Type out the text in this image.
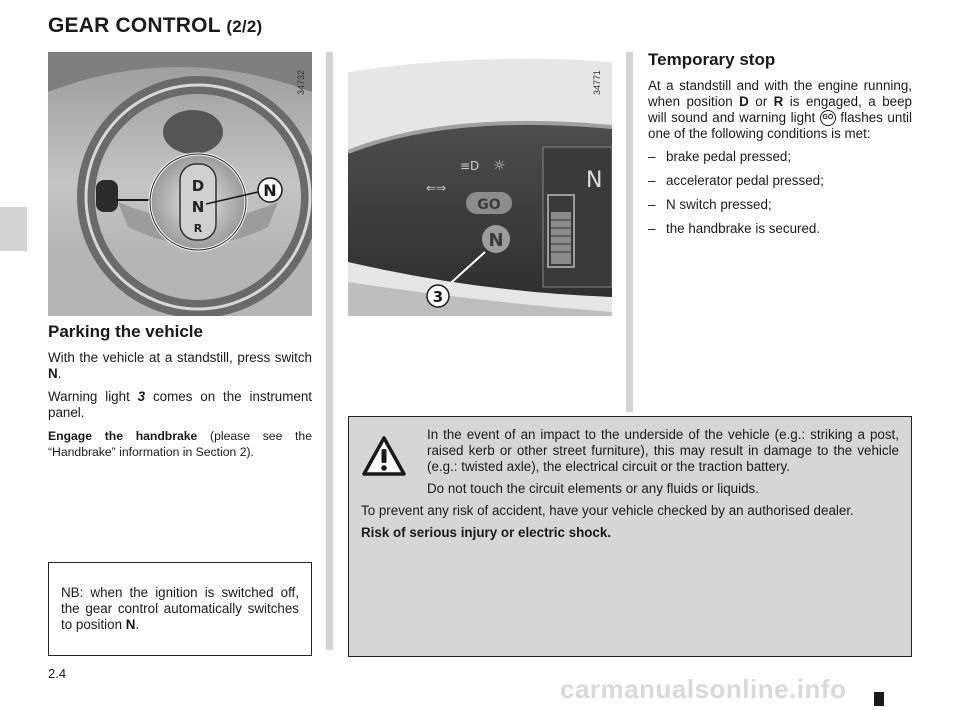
GEAR CONTROL (2/2)
D
N
R
N
34732
N
GO
N
≡D ☼
⇐⇒
3
34771
Parking the vehicle

With the vehicle at a standstill, press switch N.

Warning light 3 comes on the instrument panel.

Engage the handbrake (please see the “Handbrake” information in Section 2).

NB: when the ignition is switched off, the gear control automatically switches to position N.

Temporary stop

At a standstill and with the engine running, when position D or R is engaged, a beep will sound and warning light GO flashes until one of the following conditions is met:

– brake pedal pressed;
– accelerator pedal pressed;
– N switch pressed;
– the handbrake is secured.

In the event of an impact to the underside of the vehicle (e.g.: striking a post, raised kerb or other street furniture), this may result in damage to the vehicle (e.g.: twisted axle), the electrical circuit or the traction battery.

Do not touch the circuit elements or any fluids or liquids.

To prevent any risk of accident, have your vehicle checked by an authorised dealer.

Risk of serious injury or electric shock.

2.4
carmanualsonline.info
